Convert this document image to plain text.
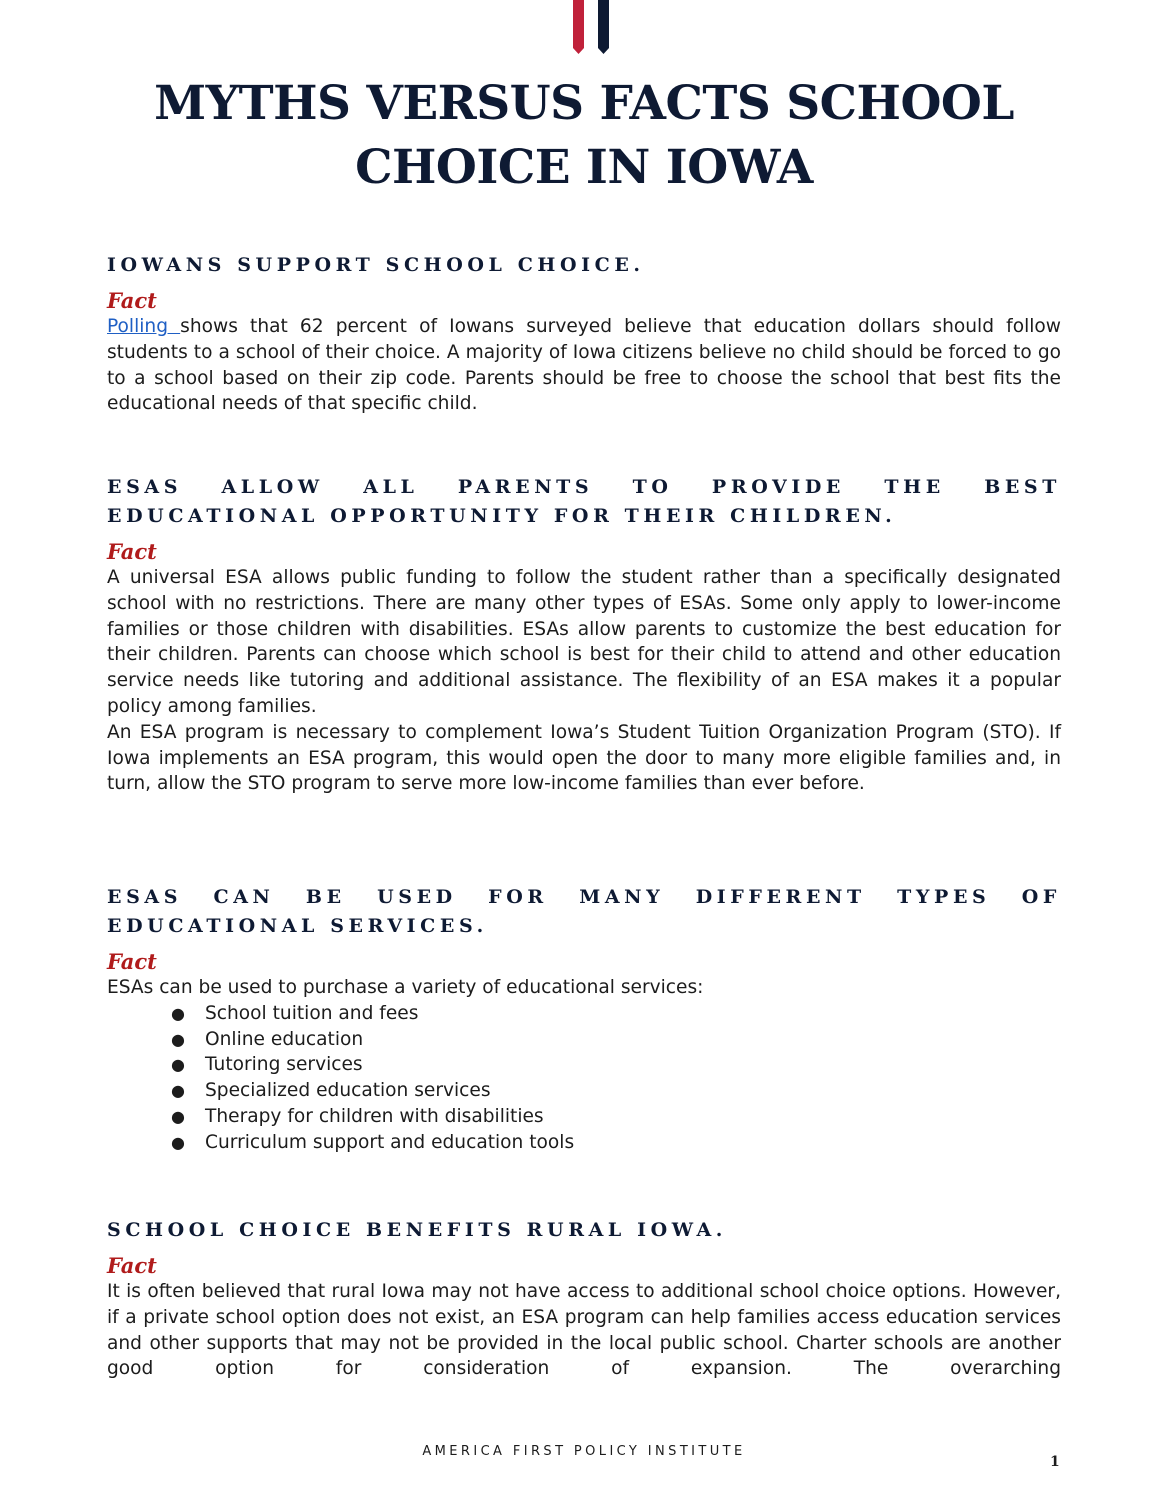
MYTHS VERSUS FACTS SCHOOL
CHOICE IN IOWA
IOWANS SUPPORT SCHOOL CHOICE.
Fact

Polling shows that 62 percent of Iowans surveyed believe that education dollars should follow students to a school of their choice. A majority of Iowa citizens believe no child should be forced to go to a school based on their zip code. Parents should be free to choose the school that best fits the educational needs of that specific child.

ESAS ALLOW ALL PARENTS TO PROVIDE THE BEST EDUCATIONAL OPPORTUNITY FOR THEIR CHILDREN.
Fact

A universal ESA allows public funding to follow the student rather than a specifically designated school with no restrictions. There are many other types of ESAs. Some only apply to lower-income families or those children with disabilities. ESAs allow parents to customize the best education for their children. Parents can choose which school is best for their child to attend and other education service needs like tutoring and additional assistance. The flexibility of an ESA makes it a popular policy among families.

An ESA program is necessary to complement Iowa’s Student Tuition Organization Program (STO). If Iowa implements an ESA program, this would open the door to many more eligible families and, in turn, allow the STO program to serve more low-income families than ever before.

ESAS CAN BE USED FOR MANY DIFFERENT TYPES OF EDUCATIONAL SERVICES.
Fact

ESAs can be used to purchase a variety of educational services:

● School tuition and fees
● Online education
● Tutoring services
● Specialized education services
● Therapy for children with disabilities
● Curriculum support and education tools
SCHOOL CHOICE BENEFITS RURAL IOWA.
Fact

It is often believed that rural Iowa may not have access to additional school choice options. However, if a private school option does not exist, an ESA program can help families access education services and other supports that may not be provided in the local public school. Charter schools are another good option for consideration of expansion. The overarching

AMERICA FIRST POLICY INSTITUTE
1
